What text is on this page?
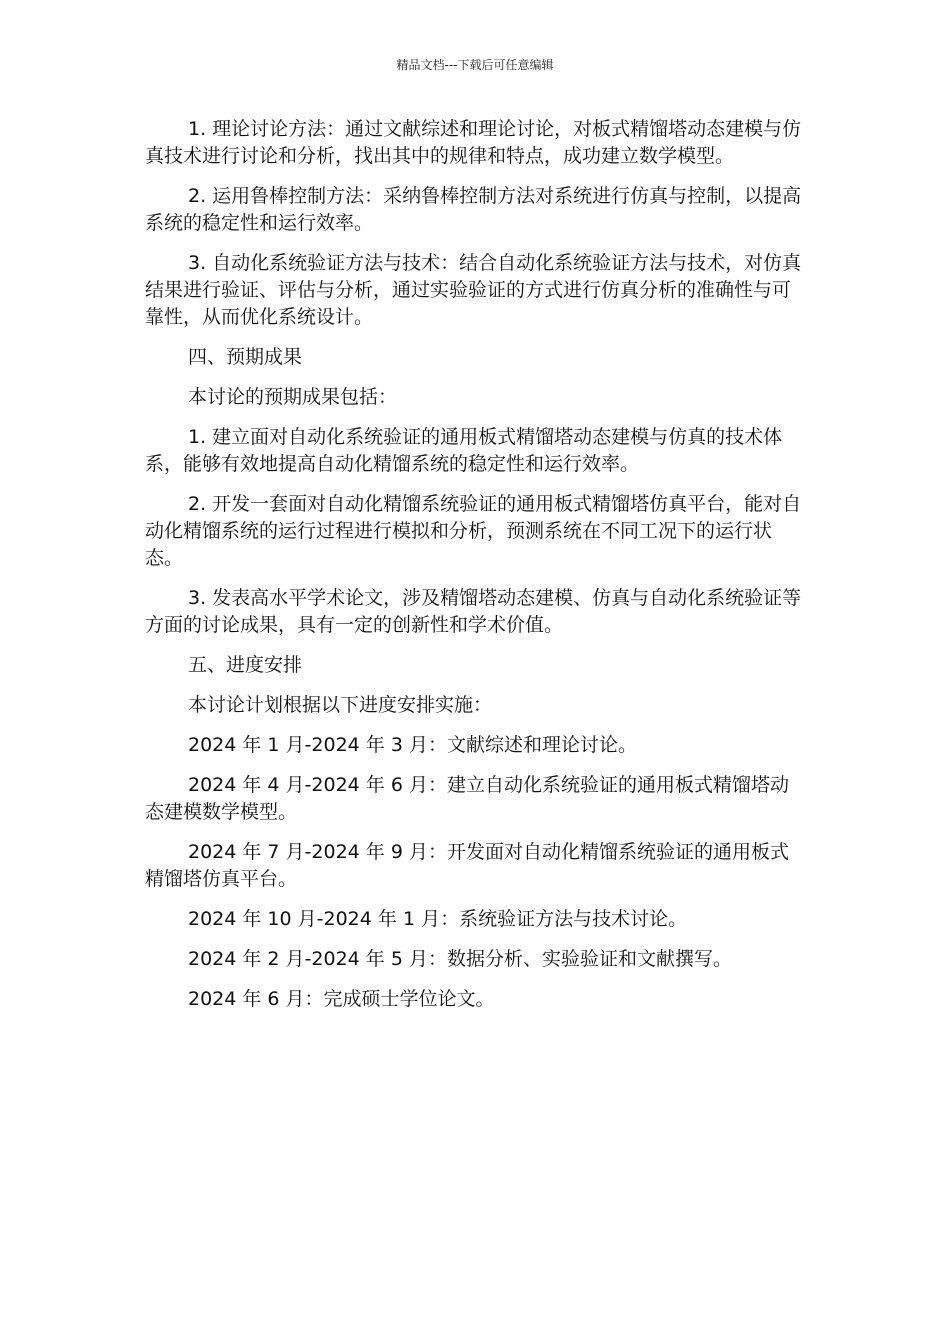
精品文档---下载后可任意编辑

1. 理论讨论方法：通过文献综述和理论讨论，对板式精馏塔动态建模与仿真技术进行讨论和分析，找出其中的规律和特点，成功建立数学模型。

2. 运用鲁棒控制方法：采纳鲁棒控制方法对系统进行仿真与控制，以提高系统的稳定性和运行效率。

3. 自动化系统验证方法与技术：结合自动化系统验证方法与技术，对仿真结果进行验证、评估与分析，通过实验验证的方式进行仿真分析的准确性与可靠性，从而优化系统设计。

四、预期成果

本讨论的预期成果包括：

1. 建立面对自动化系统验证的通用板式精馏塔动态建模与仿真的技术体系，能够有效地提高自动化精馏系统的稳定性和运行效率。

2. 开发一套面对自动化精馏系统验证的通用板式精馏塔仿真平台，能对自动化精馏系统的运行过程进行模拟和分析，预测系统在不同工况下的运行状态。

3. 发表高水平学术论文，涉及精馏塔动态建模、仿真与自动化系统验证等方面的讨论成果，具有一定的创新性和学术价值。

五、进度安排

本讨论计划根据以下进度安排实施：

2024 年 1 月-2024 年 3 月：文献综述和理论讨论。

2024 年 4 月-2024 年 6 月：建立自动化系统验证的通用板式精馏塔动态建模数学模型。

2024 年 7 月-2024 年 9 月：开发面对自动化精馏系统验证的通用板式精馏塔仿真平台。

2024 年 10 月-2024 年 1 月：系统验证方法与技术讨论。

2024 年 2 月-2024 年 5 月：数据分析、实验验证和文献撰写。

2024 年 6 月：完成硕士学位论文。
